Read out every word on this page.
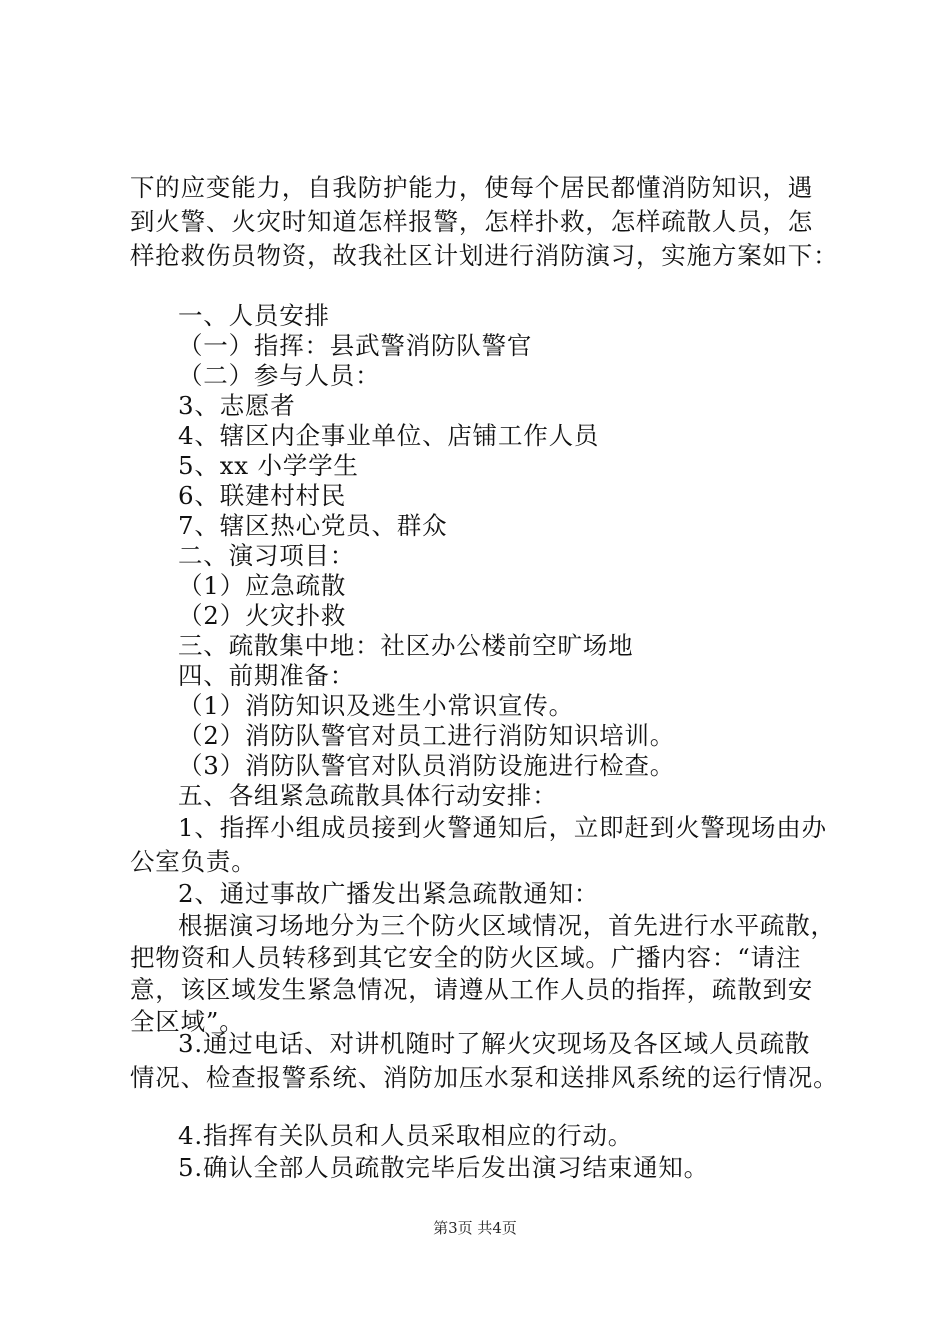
下的应变能力，自我防护能力，使每个居民都懂消防知识，遇
到火警、火灾时知道怎样报警，怎样扑救，怎样疏散人员，怎
样抢救伤员物资，故我社区计划进行消防演习，实施方案如下：
一、人员安排
（一）指挥：县武警消防队警官
（二）参与人员：
3、志愿者
4、辖区内企事业单位、店铺工作人员
5、xx 小学学生
6、联建村村民
7、辖区热心党员、群众
二、演习项目：
（1）应急疏散
（2）火灾扑救
三、疏散集中地：社区办公楼前空旷场地
四、前期准备：
（1）消防知识及逃生小常识宣传。
（2）消防队警官对员工进行消防知识培训。
（3）消防队警官对队员消防设施进行检查。
五、各组紧急疏散具体行动安排：
1、指挥小组成员接到火警通知后，立即赶到火警现场由办
公室负责。
2、通过事故广播发出紧急疏散通知：
根据演习场地分为三个防火区域情况，首先进行水平疏散，
把物资和人员转移到其它安全的防火区域。广播内容：“请注
意，该区域发生紧急情况，请遵从工作人员的指挥，疏散到安
全区域”。
3.通过电话、对讲机随时了解火灾现场及各区域人员疏散
情况、检查报警系统、消防加压水泵和送排风系统的运行情况。
4.指挥有关队员和人员采取相应的行动。
5.确认全部人员疏散完毕后发出演习结束通知。
第3页 共4页
